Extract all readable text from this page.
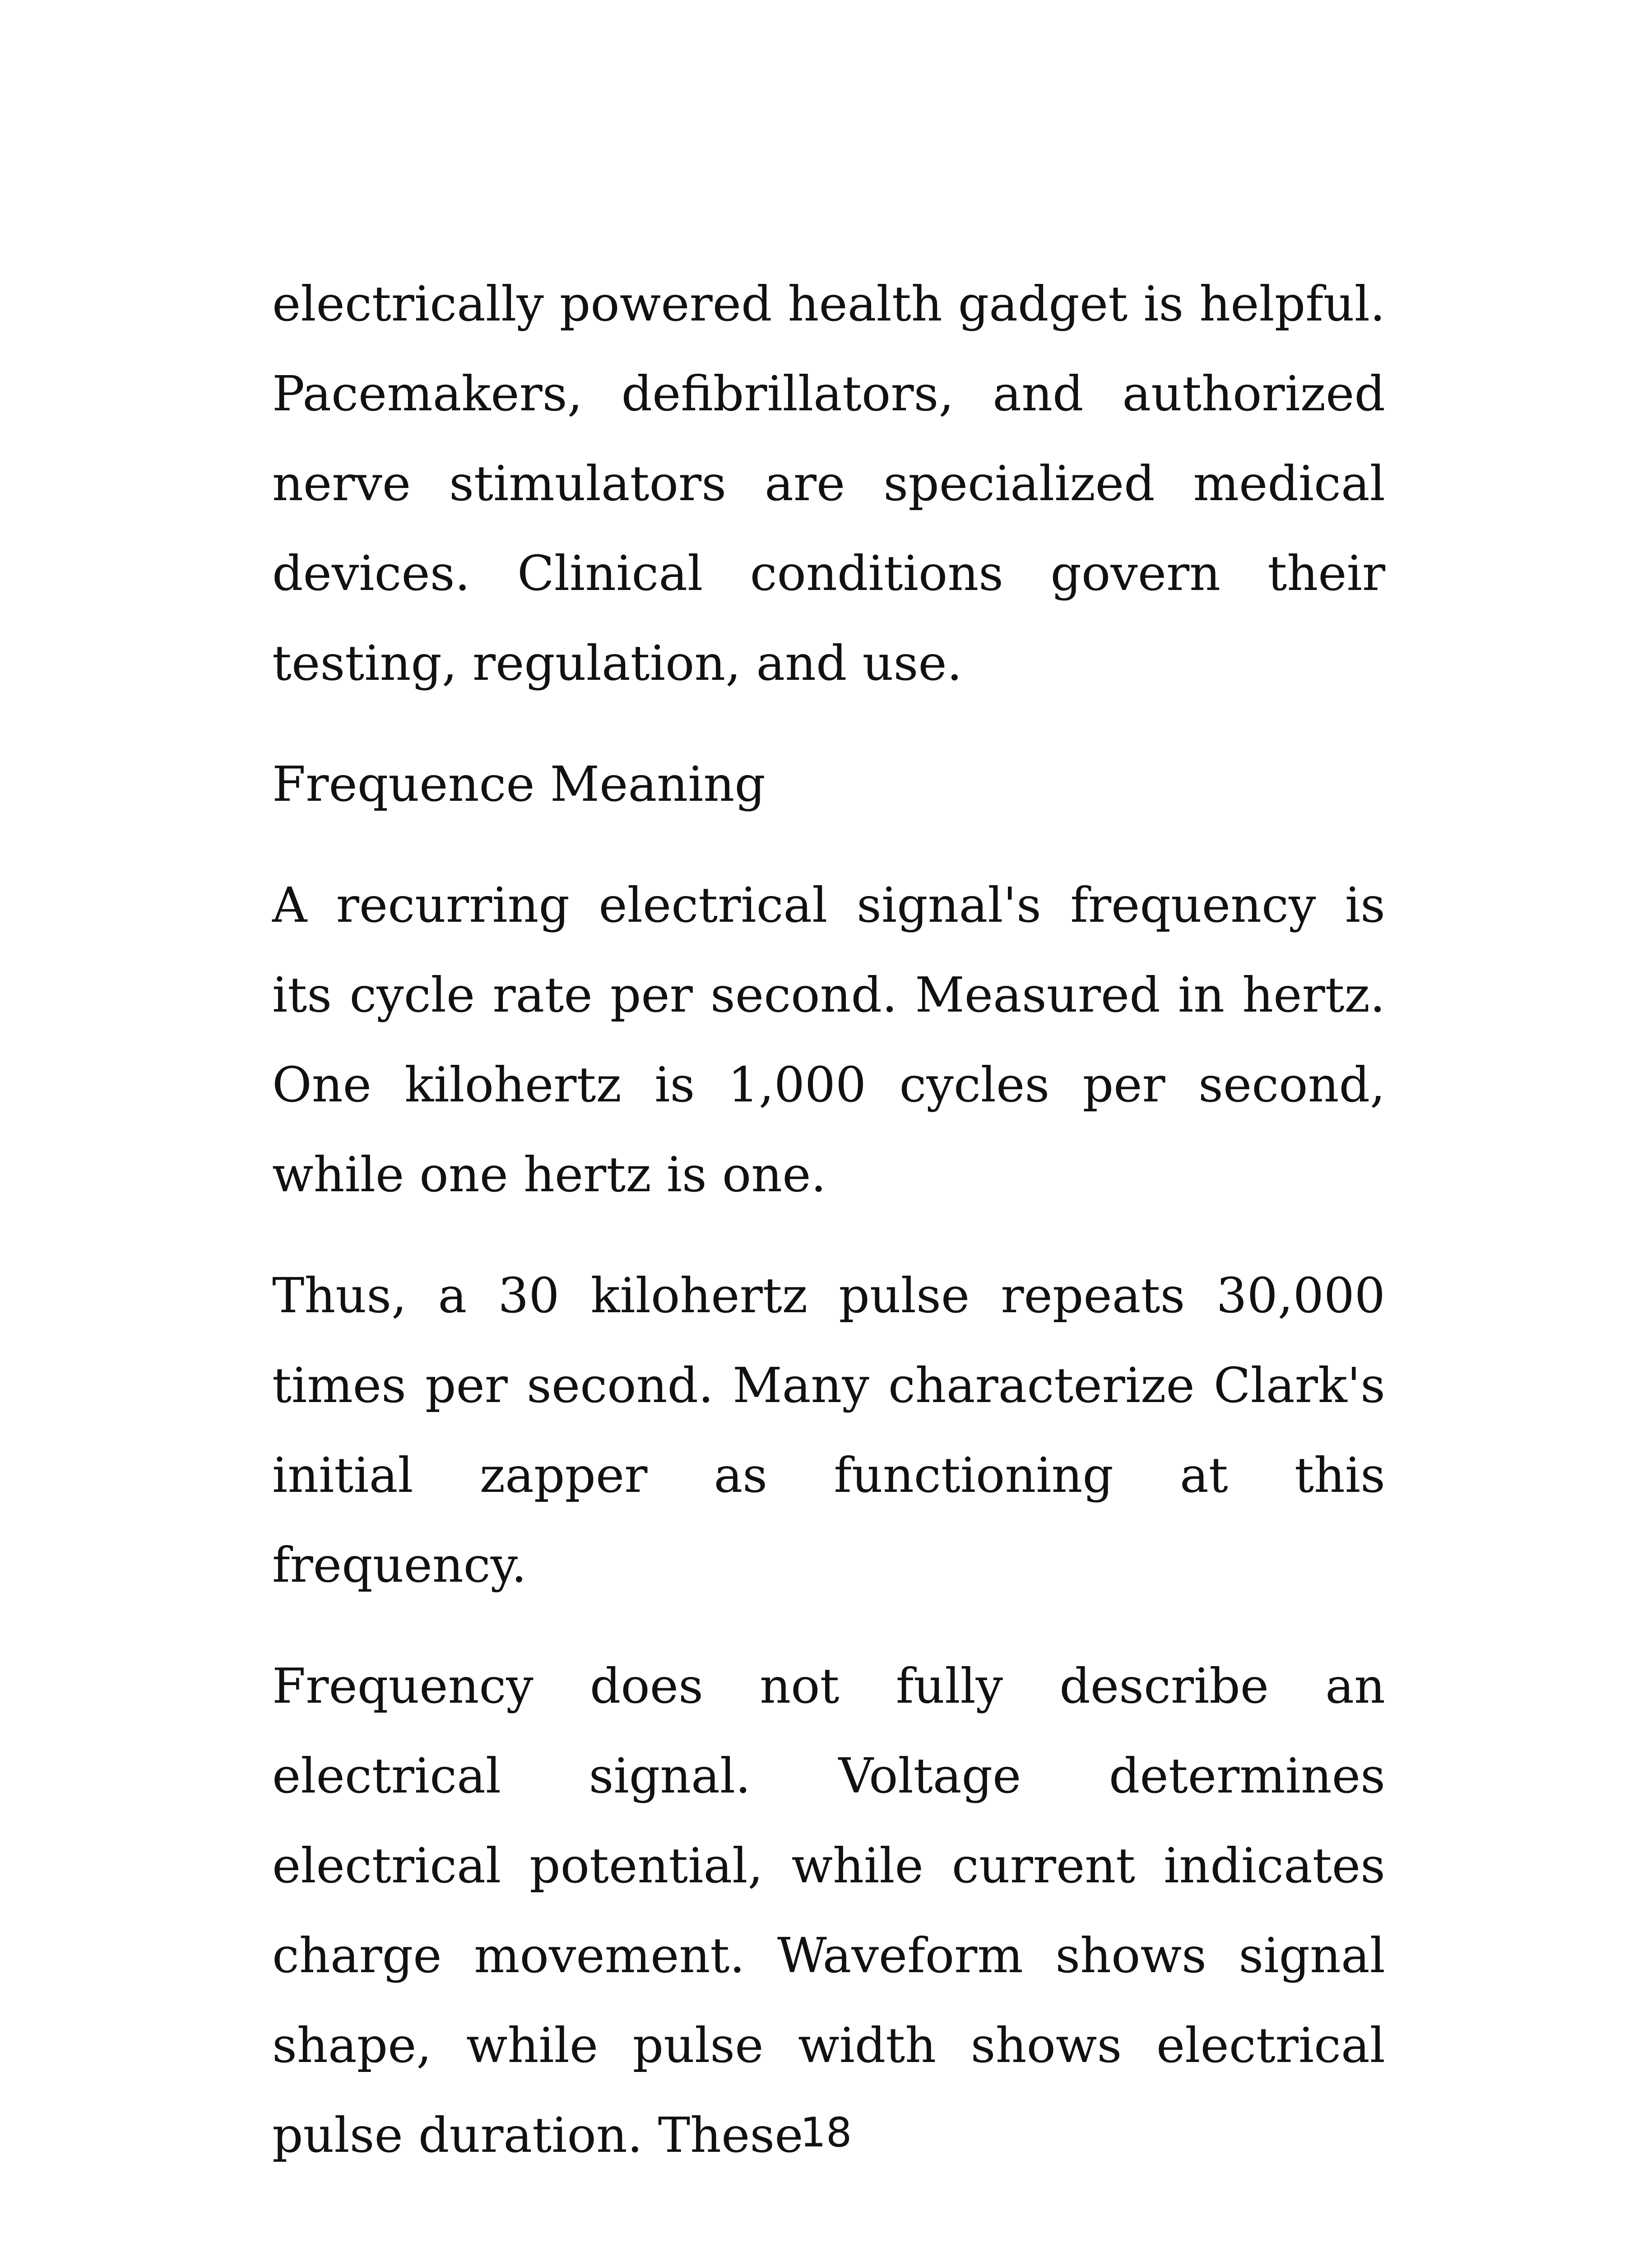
electrically powered health gadget is helpful. Pacemakers, defibrillators, and authorized nerve stimulators are specialized medical devices. Clinical conditions govern their testing, regulation, and use.

Frequence Meaning

A recurring electrical signal's frequency is its cycle rate per second. Measured in hertz. One kilohertz is 1,000 cycles per second, while one hertz is one.

Thus, a 30 kilohertz pulse repeats 30,000 times per second. Many characterize Clark's initial zapper as functioning at this frequency.

Frequency does not fully describe an electrical signal. Voltage determines electrical potential, while current indicates charge movement. Waveform shows signal shape, while pulse width shows electrical pulse duration. These

18
